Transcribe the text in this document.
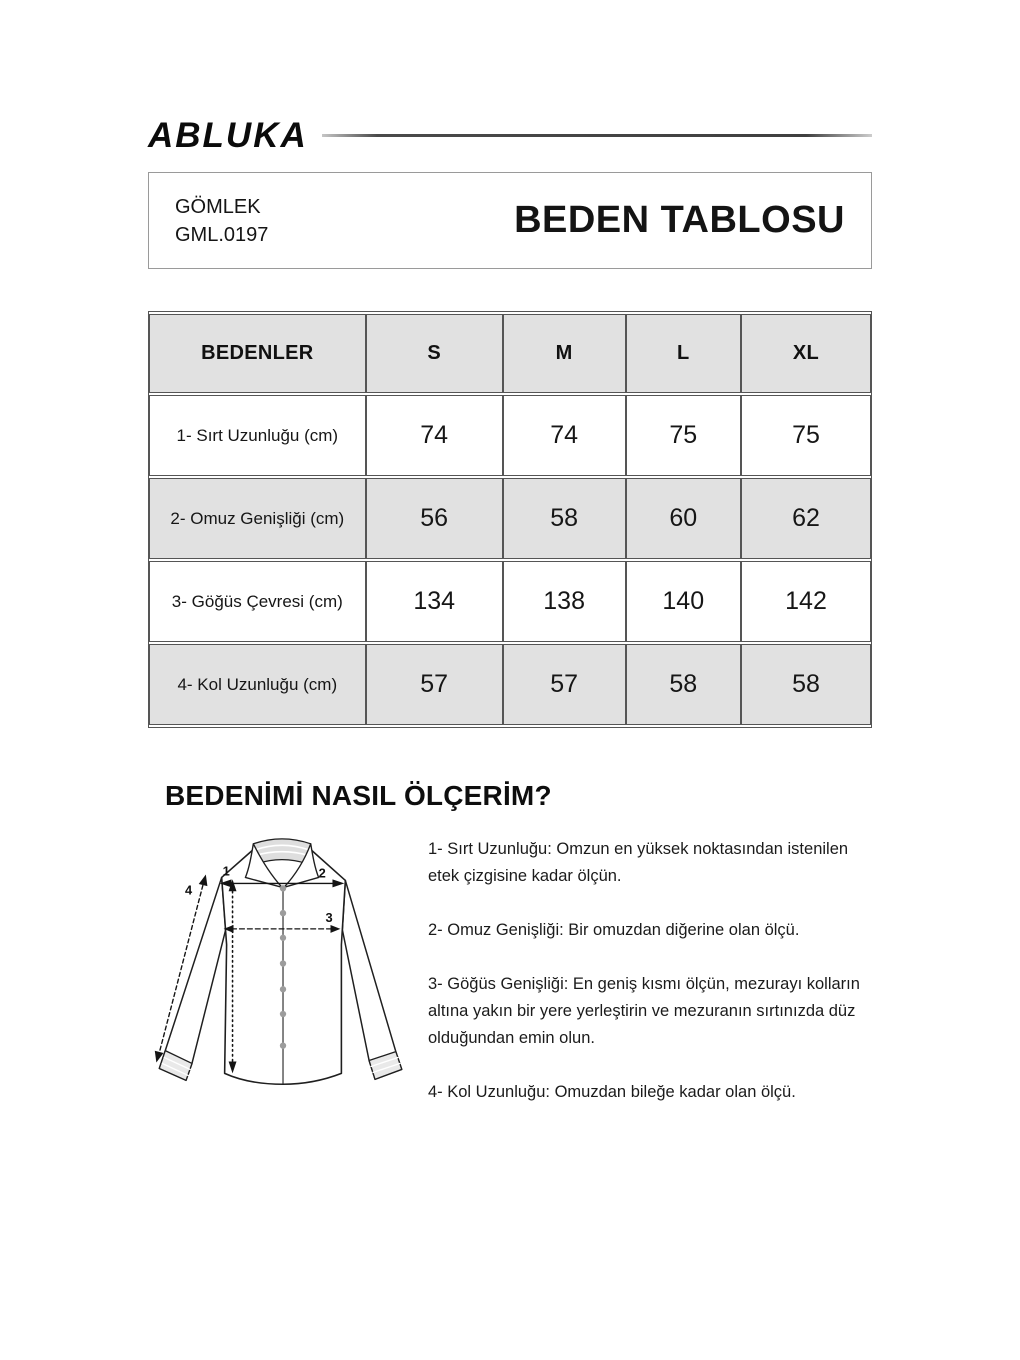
ABLUKA
GÖMLEK
GML.0197	BEDEN TABLOSU
BEDENLER	S	M	L	XL
1- Sırt Uzunluğu (cm)	74	74	75	75
2- Omuz Genişliği (cm)	56	58	60	62
3- Göğüs Çevresi (cm)	134	138	140	142
4- Kol Uzunluğu (cm)	57	57	58	58
BEDENİMİ NASIL ÖLÇERİM?
1	2
3
4

1- Sırt Uzunluğu: Omzun en yüksek noktasından istenilen etek çizgisine kadar ölçün.

2- Omuz Genişliği: Bir omuzdan diğerine olan ölçü.

3- Göğüs Genişliği: En geniş kısmı ölçün, mezurayı kolların altına yakın bir yere yerleştirin ve mezuranın sırtınızda düz olduğundan emin olun.

4- Kol Uzunluğu: Omuzdan bileğe kadar olan ölçü.
